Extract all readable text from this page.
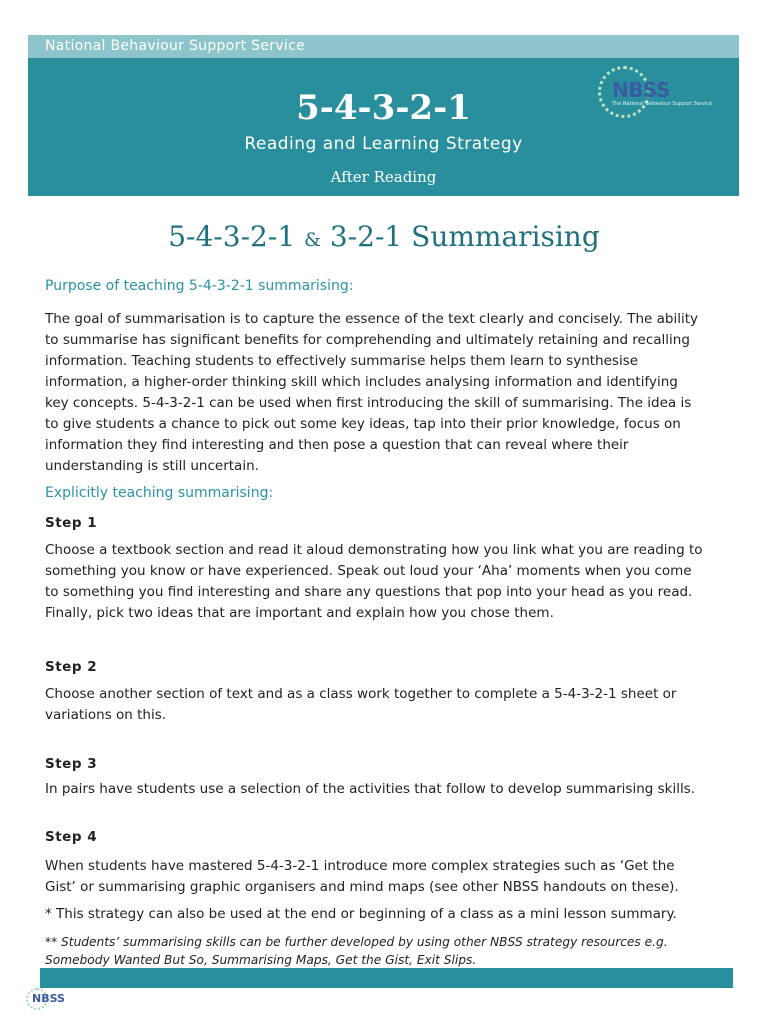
National Behaviour Support Service
5-4-3-2-1
Reading and Learning Strategy
After Reading
NBSS
The National Behaviour Support Service
5-4-3-2-1 & 3-2-1 Summarising
Purpose of teaching 5-4-3-2-1 summarising:
The goal of summarisation is to capture the essence of the text clearly and concisely. The ability
to summarise has significant benefits for comprehending and ultimately retaining and recalling
information. Teaching students to effectively summarise helps them learn to synthesise
information, a higher-order thinking skill which includes analysing information and identifying
key concepts. 5-4-3-2-1 can be used when first introducing the skill of summarising. The idea is
to give students a chance to pick out some key ideas, tap into their prior knowledge, focus on
information they find interesting and then pose a question that can reveal where their
understanding is still uncertain.
Explicitly teaching summarising:
Step 1
Choose a textbook section and read it aloud demonstrating how you link what you are reading to
something you know or have experienced. Speak out loud your ‘Aha’ moments when you come
to something you find interesting and share any questions that pop into your head as you read.
Finally, pick two ideas that are important and explain how you chose them.
Step 2
Choose another section of text and as a class work together to complete a 5-4-3-2-1 sheet or
variations on this.
Step 3
In pairs have students use a selection of the activities that follow to develop summarising skills.
Step 4
When students have mastered 5-4-3-2-1 introduce more complex strategies such as ‘Get the
Gist’ or summarising graphic organisers and mind maps (see other NBSS handouts on these).
* This strategy can also be used at the end or beginning of a class as a mini lesson summary.
** Students’ summarising skills can be further developed by using other NBSS strategy resources e.g.
Somebody Wanted But So, Summarising Maps, Get the Gist, Exit Slips.
NBSS
